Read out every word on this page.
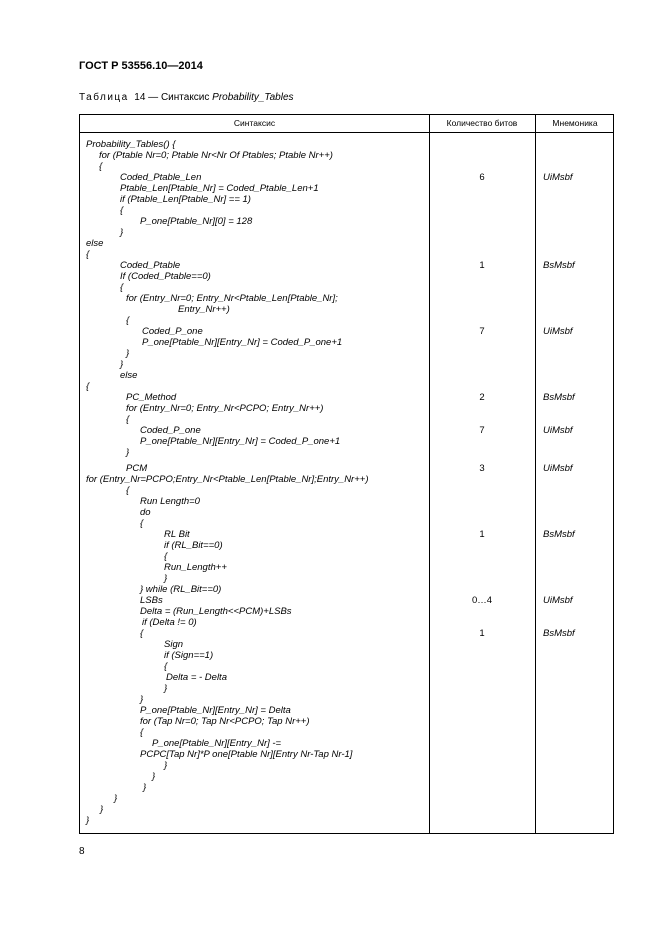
ГОСТ Р 53556.10—2014
Таблица 14 — Синтаксис Probability_Tables
Синтаксис	Количество битов	Мнемоника
Probability_Tables() {
for (Ptable Nr=0; Ptable Nr<Nr Of Ptables; Ptable Nr++)
{
Coded_Ptable_Len
Ptable_Len[Ptable_Nr] = Coded_Ptable_Len+1
if (Ptable_Len[Ptable_Nr] == 1)
{
P_one[Ptable_Nr][0] = 128
}
else
{
Coded_Ptable
If (Coded_Ptable==0)
{
for (Entry_Nr=0; Entry_Nr<Ptable_Len[Ptable_Nr];
Entry_Nr++)
{
Coded_P_one
P_one[Ptable_Nr][Entry_Nr] = Coded_P_one+1
}
}
else
{
PC_Method
for (Entry_Nr=0; Entry_Nr<PCPO; Entry_Nr++)
{
Coded_P_one
P_one[Ptable_Nr][Entry_Nr] = Coded_P_one+1
}
PCM
for (Entry_Nr=PCPO;Entry_Nr<Ptable_Len[Ptable_Nr];Entry_Nr++)
{
Run Length=0
do
{
RL Bit
if (RL_Bit==0)
{
Run_Length++
}
} while (RL_Bit==0)
LSBs
Delta = (Run_Length<<PCM)+LSBs
if (Delta != 0)
{
Sign
if (Sign==1)
{
Delta = - Delta
}
}
P_one[Ptable_Nr][Entry_Nr] = Delta
for (Tap Nr=0; Tap Nr<PCPO; Tap Nr++)
{
P_one[Ptable_Nr][Entry_Nr] -=
PCPC[Tap Nr]*P one[Ptable Nr][Entry Nr-Tap Nr-1]
}
}
}
}
}
}
6
1
7
2
7
3
1
0…4
1
UiMsbf
BsMsbf
UiMsbf
BsMsbf
UiMsbf
UiMsbf
BsMsbf
UiMsbf
BsMsbf
8
